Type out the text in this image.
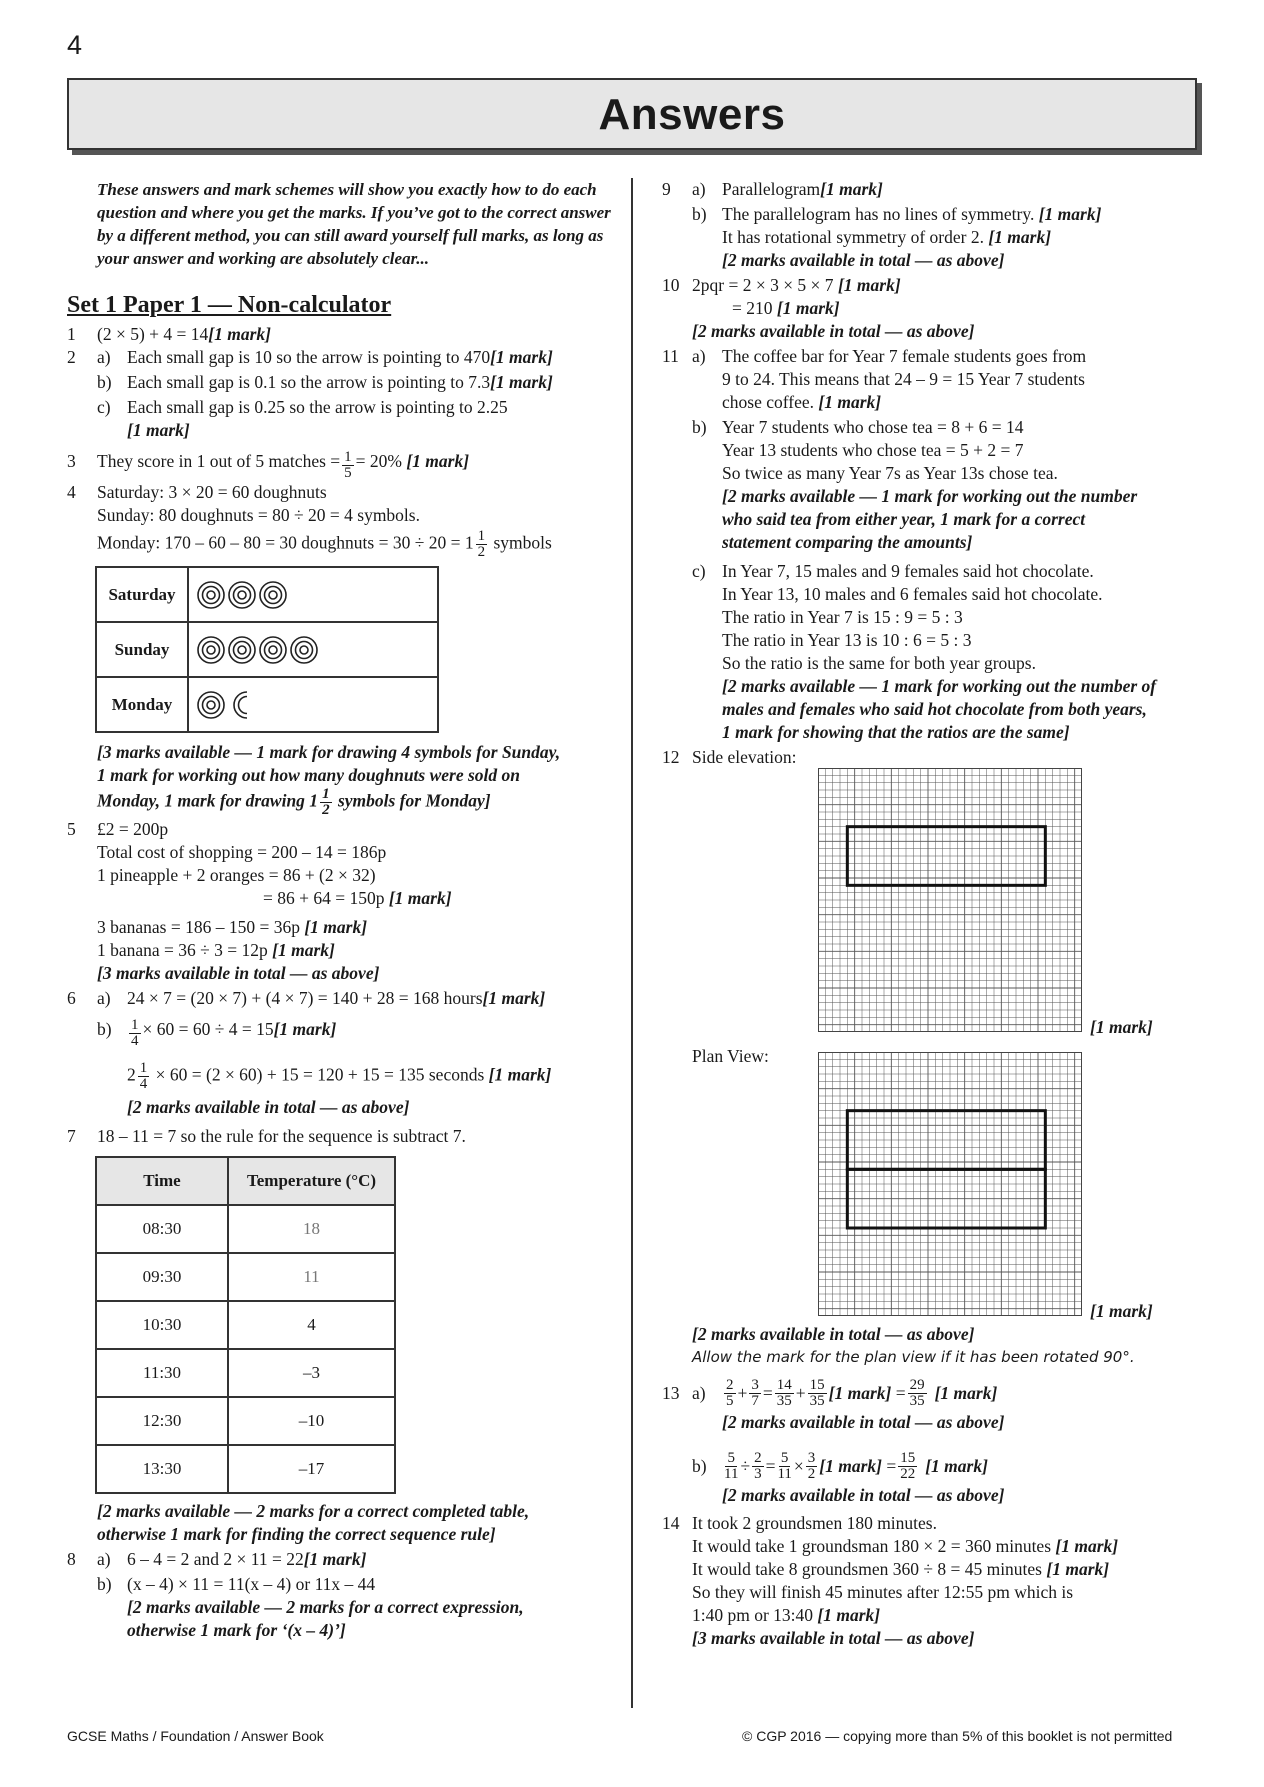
4
Answers
These answers and mark schemes will show you exactly how to do each question and where you get the marks. If you’ve got to the correct answer by a different method, you can still award yourself full marks, as long as your answer and working are absolutely clear...
Set 1 Paper 1 — Non-calculator
1	(2 × 5) + 4 = 14 [1 mark]
2	a) Each small gap is 10 so the arrow is pointing to 470 [1 mark]
b) Each small gap is 0.1 so the arrow is pointing to 7.3 [1 mark]
c) Each small gap is 0.25 so the arrow is pointing to 2.25
[1 mark]
3	They score in 1 out of 5 matches = $\frac{1}{5} = 20\%$
[1 mark]
4	Saturday: 3 × 20 = 60 doughnuts
Sunday: 80 doughnuts = 80 ÷ 20 = 4 symbols.
Monday: 170 – 60 – 80 = 30 doughnuts = $30 \div 20 = 1 \frac{1}{2}$ symbols
Saturday	

Sunday	

Monday	
[3 marks available — 1 mark for drawing 4 symbols for Sunday,
1 mark for working out how many doughnuts were sold on
Monday, 1 mark for drawing $1 \frac{1}{2}$ symbols for Monday]
5	£2 = 200p
Total cost of shopping = 200 – 14 = 186p
1 pineapple + 2 oranges = 86 + (2 × 32)
= 86 + 64 = 150p [1 mark]
3 bananas = 186 – 150 = 36p [1 mark]
1 banana = 36 ÷ 3 = 12p [1 mark]
[3 marks available in total — as above]
6	a) 24 × 7 = (20 × 7) + (4 × 7) = 140 + 28 = 168 hours [1 mark]
b)	$\frac{1}{4} \times 60 = 60 \div 4 = 15$ [1 mark]
$2 \frac{1}{4} \times 60 = (2 \times 60) + 15 = 120 + 15 = 135$ seconds [1 mark]
[2 marks available in total — as above]
7	18 – 11 = 7 so the rule for the sequence is subtract 7.
Time	Temperature (°C)
08:30	18
09:30	11
10:30	4
11:30	–3
12:30	–10
13:30	–17
[2 marks available — 2 marks for a correct completed table,
otherwise 1 mark for finding the correct sequence rule]
8	a) 6 – 4 = 2 and 2 × 11 = 22 [1 mark]
b) (x – 4) × 11 = 11(x – 4) or 11x – 44
[2 marks available — 2 marks for a correct expression,
otherwise 1 mark for ‘(x – 4)’]
9	a) Parallelogram [1 mark]
b) The parallelogram has no lines of symmetry. [1 mark]
It has rotational symmetry of order 2. [1 mark]
[2 marks available in total — as above]
10 2pqr = 2 × 3 × 5 × 7 [1 mark]
= 210 [1 mark]
[2 marks available in total — as above]
11 a) The coffee bar for Year 7 female students goes from
9 to 24. This means that 24 – 9 = 15 Year 7 students
chose coffee. [1 mark]
b) Year 7 students who chose tea = 8 + 6 = 14
Year 13 students who chose tea = 5 + 2 = 7
So twice as many Year 7s as Year 13s chose tea.
[2 marks available — 1 mark for working out the number
who said tea from either year, 1 mark for a correct
statement comparing the amounts]
c) In Year 7, 15 males and 9 females said hot chocolate.
In Year 13, 10 males and 6 females said hot chocolate.
The ratio in Year 7 is 15 : 9 = 5 : 3
The ratio in Year 13 is 10 : 6 = 5 : 3
So the ratio is the same for both year groups.
[2 marks available — 1 mark for working out the number of
males and females who said hot chocolate from both years,
1 mark for showing that the ratios are the same]
12 Side elevation:
[1 mark]
Plan View:
[1 mark]
[2 marks available in total — as above]
Allow the mark for the plan view if it has been rotated 90°.
13 a)	$\frac{2}{5} + \frac{3}{7} = \frac{14}{35} + \frac{15}{35} [1$ mark] = $\frac{29}{35} [1$ mark]
[2 marks available in total — as above]
b)	$\frac{5}{11} \div \frac{2}{3} = \frac{5}{11} \times \frac{3}{2} [1$ mark] = $\frac{15}{22} [1$ mark]
[2 marks available in total — as above]
14 It took 2 groundsmen 180 minutes.
It would take 1 groundsman 180 × 2 = 360 minutes [1 mark]
It would take 8 groundsmen 360 ÷ 8 = 45 minutes [1 mark]
So they will finish 45 minutes after 12:55 pm which is
1:40 pm or 13:40 [1 mark]
[3 marks available in total — as above]
GCSE Maths / Foundation / Answer Book	© CGP 2016 — copying more than 5% of this booklet is not permitted
